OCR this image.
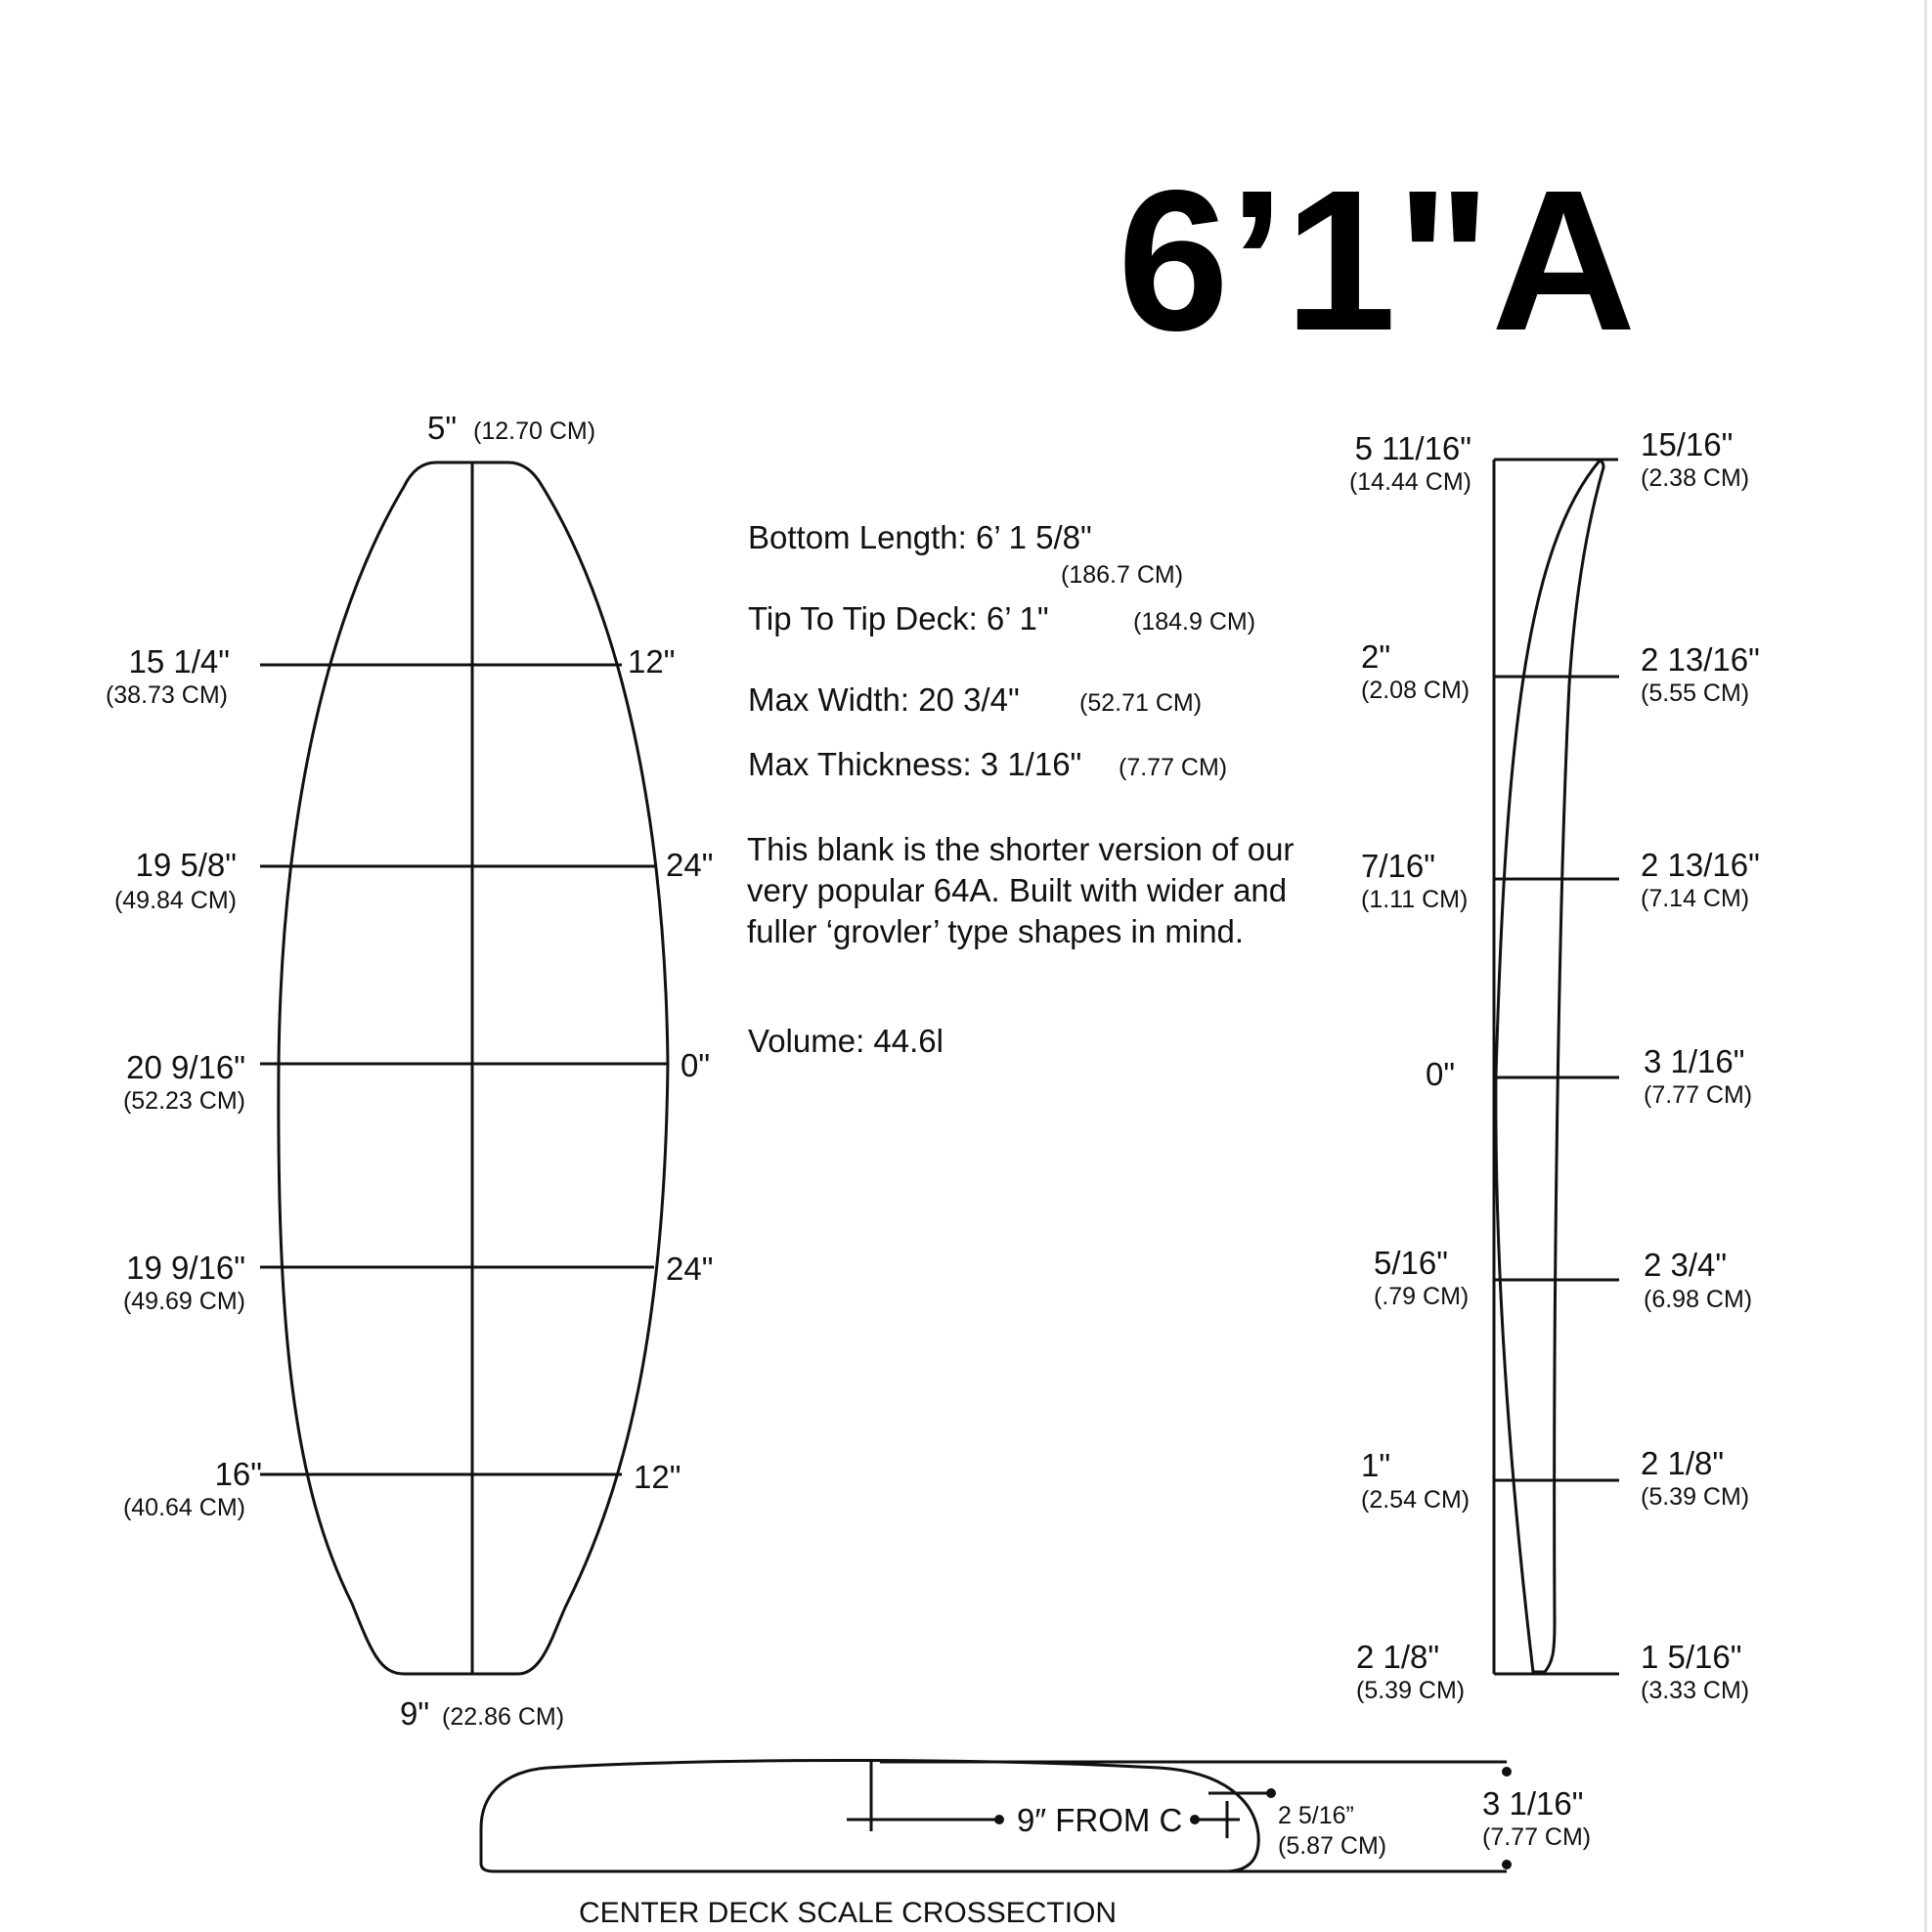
6’1"A
5" (12.70 CM)
9" (22.86 CM)
15 1/4"
(38.73 CM)
19 5/8"
(49.84 CM)
20 9/16"
(52.23 CM)
19 9/16"
(49.69 CM)
16"
(40.64 CM)
12"
24"
0"
24"
12"
Bottom Length: 6’ 1 5/8"
(186.7 CM)
Tip To Tip Deck: 6’ 1"	(184.9 CM)
Max Width: 20 3/4" (52.71 CM)
Max Thickness: 3 1/16" (7.77 CM)
Volume: 44.6l
5 11/16"
(14.44 CM)
2"
(2.08 CM)
7/16"
(1.11 CM)
0"
5/16"
(.79 CM)
1"
(2.54 CM)
2 1/8"
(5.39 CM)
15/16"
(2.38 CM)
2 13/16"
(5.55 CM)
2 13/16"
(7.14 CM)
3 1/16"
(7.77 CM)
2 3/4"
(6.98 CM)
2 1/8"
(5.39 CM)
1 5/16"
(3.33 CM)
9″ FROM C	2 5/16”
(5.87 CM)
3 1/16"
(7.77 CM)
CENTER DECK SCALE CROSSECTION
This blank is the shorter version of our very popular 64A. Built with wider and fuller ‘grovler’ type shapes in mind.
